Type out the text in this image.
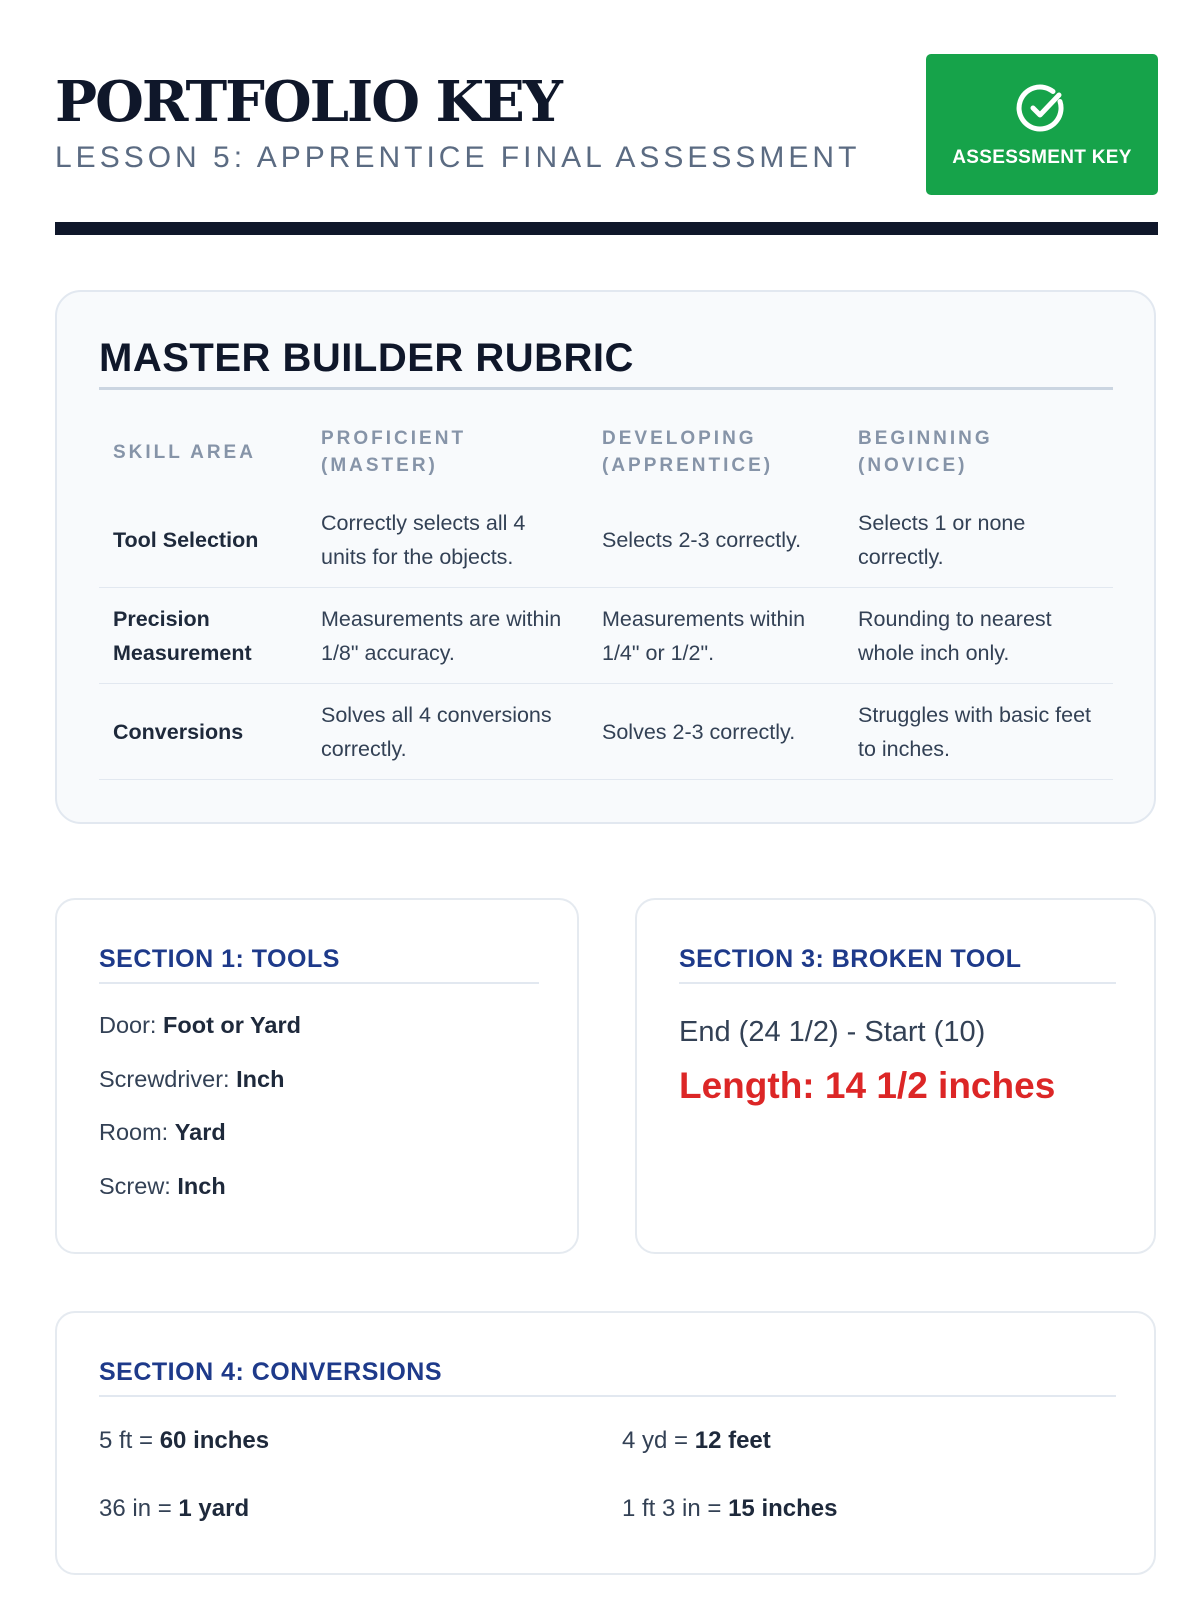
PORTFOLIO KEY

LESSON 5: APPRENTICE FINAL ASSESSMENT	ASSESSMENT KEY
MASTER BUILDER RUBRIC
SKILL AREA	PROFICIENT (MASTER)	DEVELOPING (APPRENTICE)	BEGINNING (NOVICE)
Tool Selection	Correctly selects all 4 units for the objects.	Selects 2-3 correctly.	Selects 1 or none correctly.
Precision Measurement	Measurements are within 1/8" accuracy.	Measurements within 1/4" or 1/2".	Rounding to nearest whole inch only.
Conversions	Solves all 4 conversions correctly.	Solves 2-3 correctly.	Struggles with basic feet to inches.
SECTION 1: TOOLS
Door: Foot or Yard
Screwdriver: Inch
Room: Yard
Screw: Inch
SECTION 3: BROKEN TOOL

End (24 1/2) - Start (10)

Length: 14 1/2 inches

SECTION 4: CONVERSIONS
5 ft = 60 inches	4 yd = 12 feet
36 in = 1 yard	1 ft 3 in = 15 inches
